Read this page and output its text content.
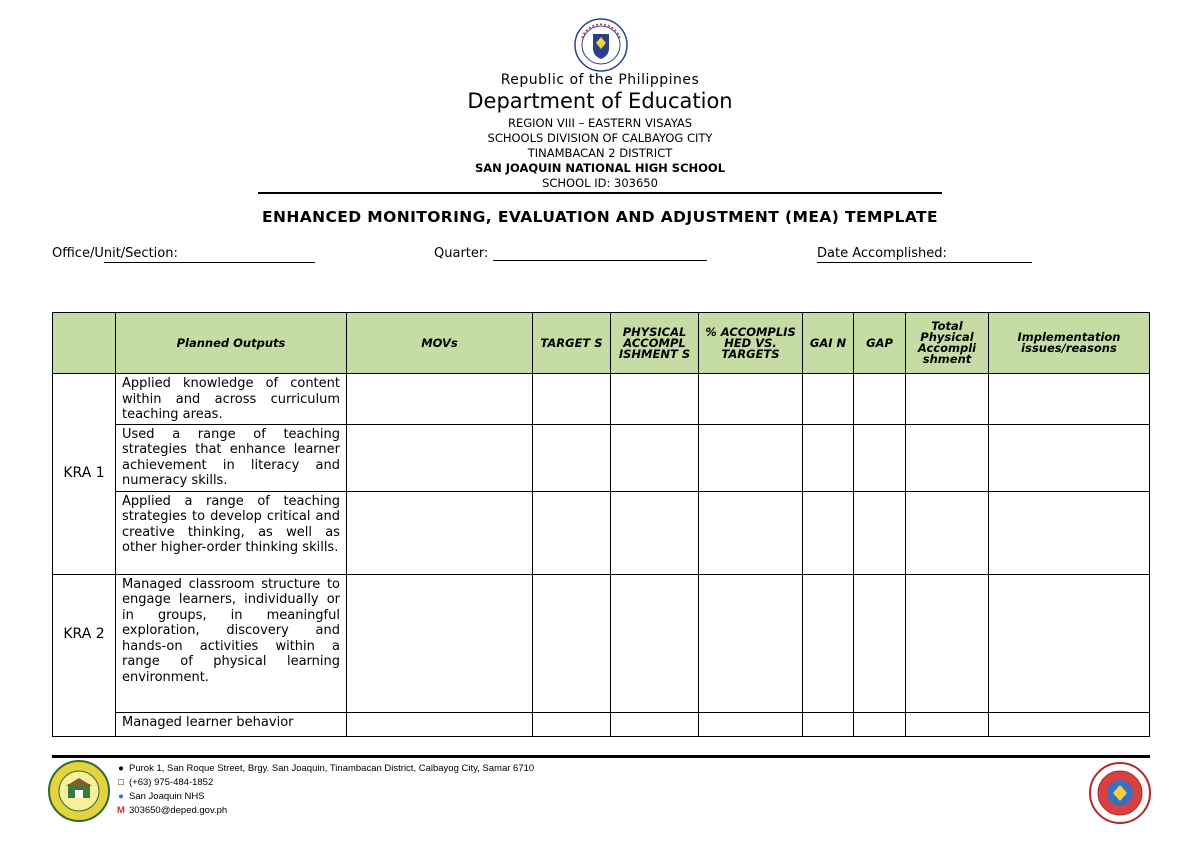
Republic of the Philippines
Department of Education
REGION VIII – EASTERN VISAYAS
SCHOOLS DIVISION OF CALBAYOG CITY
TINAMBACAN 2 DISTRICT
SAN JOAQUIN NATIONAL HIGH SCHOOL
SCHOOL ID: 303650
ENHANCED MONITORING, EVALUATION AND ADJUSTMENT (MEA) TEMPLATE
Office/Unit/Section:	Quarter:	Date Accomplished:
	Planned Outputs	MOVs	TARGET S	PHYSICAL ACCOMPL ISHMENT S	% ACCOMPLIS HED VS. TARGETS	GAI N	GAP	Total Physical Accompli shment	Implementation issues/reasons
KRA 1	Applied knowledge of content within and across curriculum teaching areas.								
	Used a range of teaching strategies that enhance learner achievement in literacy and numeracy skills.								
	Applied a range of teaching strategies to develop critical and creative thinking, as well as other higher-order thinking skills.								
KRA 2	Managed classroom structure to engage learners, individually or in groups, in meaningful exploration, discovery and hands-on activities within a range of physical learning environment.								
	Managed learner behavior								
● Purok 1, San Roque Street, Brgy. San Joaquin, Tinambacan District, Calbayog City, Samar 6710
□ (+63) 975-484-1852
● San Joaquin NHS
M 303650@deped.gov.ph
